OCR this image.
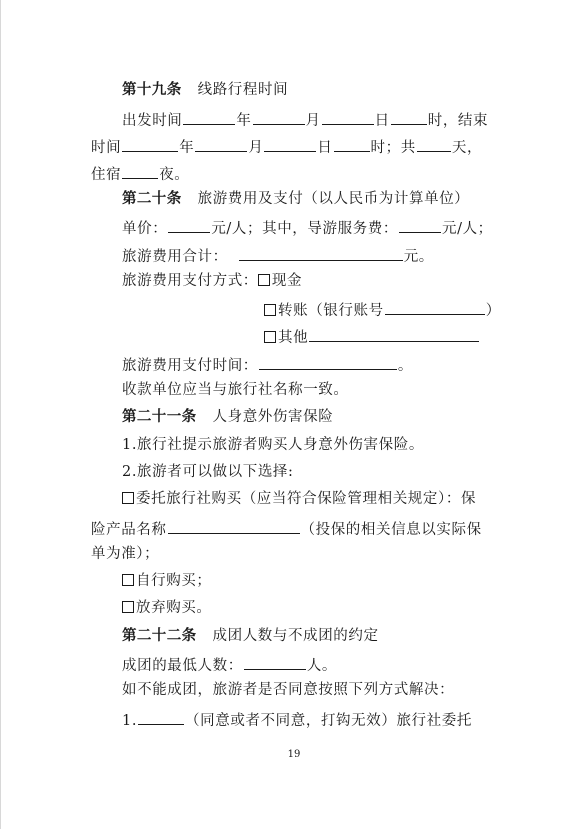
第十九条 线路行程时间
出发时间	年	月	日	时，结束
时间	年	月	日	时；共 天，
住宿	夜。
第二十条 旅游费用及支付（以人民币为计算单位）
单价：	元/人；其中，导游服务费：	元/人；
旅游费用合计：	元。
旅游费用支付方式： 现金
转账（银行账号	）
其他
旅游费用支付时间：	。
收款单位应当与旅行社名称一致。
第二十一条 人身意外伤害保险
1.旅行社提示旅游者购买人身意外伤害保险。
2.旅游者可以做以下选择:
委托旅行社购买（应当符合保险管理相关规定）：保
险产品名称	（投保的相关信息以实际保
单为准）；
自行购买；
放弃购买。
第二十二条 成团人数与不成团的约定
成团的最低人数：	人。
如不能成团，旅游者是否同意按照下列方式解决：
1.	（同意或者不同意，打钩无效）旅行社委托
19
